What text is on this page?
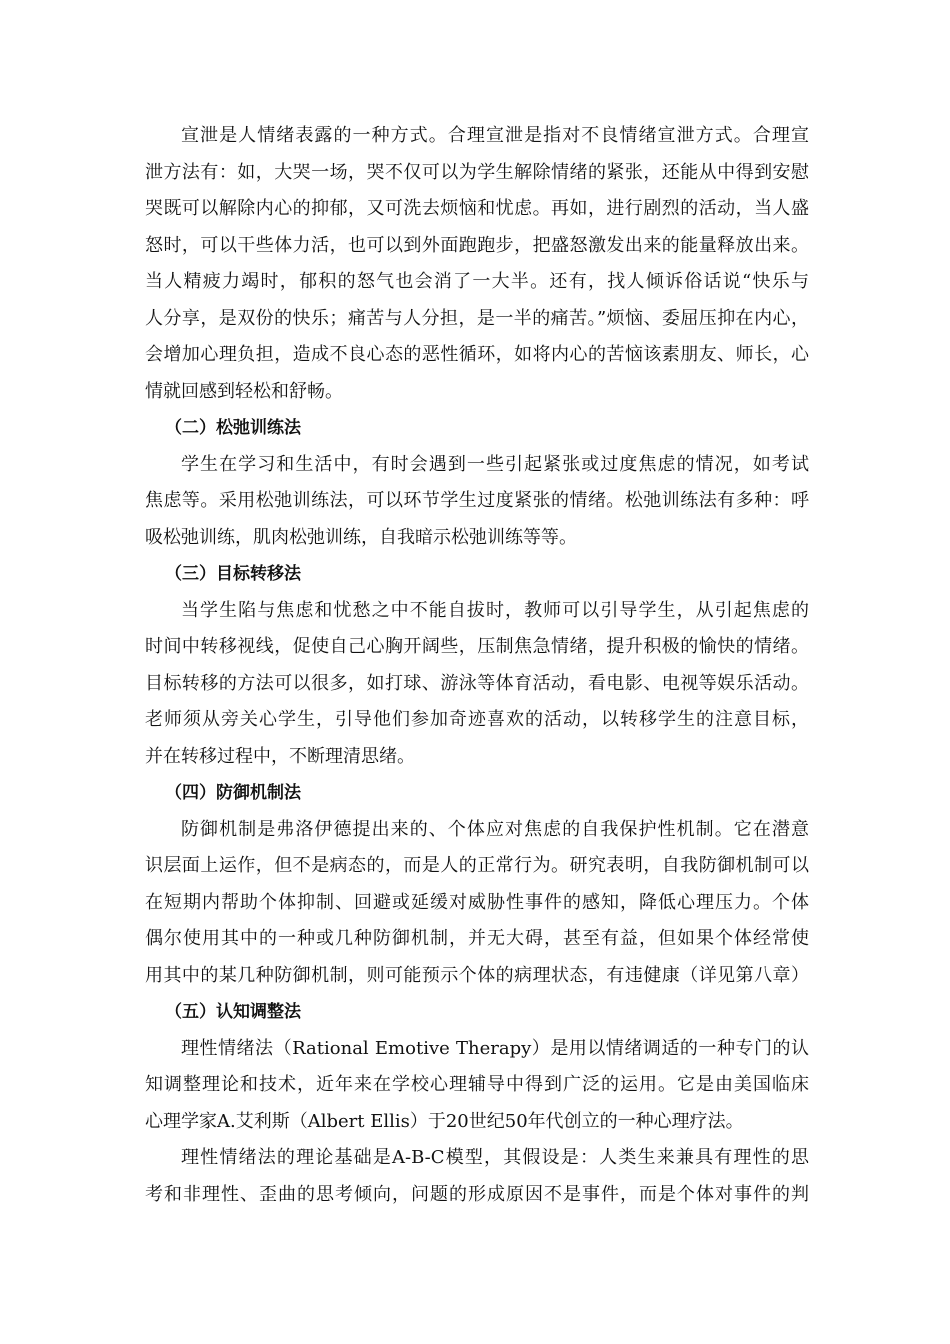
宣泄是人情绪表露的一种方式。合理宣泄是指对不良情绪宣泄方式。合理宣
泄方法有：如，大哭一场，哭不仅可以为学生解除情绪的紧张，还能从中得到安慰
哭既可以解除内心的抑郁，又可洗去烦恼和忧虑。再如，进行剧烈的活动，当人盛
怒时，可以干些体力活，也可以到外面跑跑步，把盛怒激发出来的能量释放出来。
当人精疲力竭时，郁积的怒气也会消了一大半。还有，找人倾诉俗话说“快乐与
人分享，是双份的快乐；痛苦与人分担，是一半的痛苦。”烦恼、委屈压抑在内心，
会增加心理负担，造成不良心态的恶性循环，如将内心的苦恼该素朋友、师长，心
情就回感到轻松和舒畅。
（二）松弛训练法
学生在学习和生活中，有时会遇到一些引起紧张或过度焦虑的情况，如考试
焦虑等。采用松弛训练法，可以环节学生过度紧张的情绪。松弛训练法有多种：呼
吸松弛训练，肌肉松弛训练，自我暗示松弛训练等等。
（三）目标转移法
当学生陷与焦虑和忧愁之中不能自拔时，教师可以引导学生，从引起焦虑的
时间中转移视线，促使自己心胸开阔些，压制焦急情绪，提升积极的愉快的情绪。
目标转移的方法可以很多，如打球、游泳等体育活动，看电影、电视等娱乐活动。
老师须从旁关心学生，引导他们参加奇迹喜欢的活动，以转移学生的注意目标，
并在转移过程中，不断理清思绪。
（四）防御机制法
防御机制是弗洛伊德提出来的、个体应对焦虑的自我保护性机制。它在潜意
识层面上运作，但不是病态的，而是人的正常行为。研究表明，自我防御机制可以
在短期内帮助个体抑制、回避或延缓对威胁性事件的感知，降低心理压力。个体
偶尔使用其中的一种或几种防御机制，并无大碍，甚至有益，但如果个体经常使
用其中的某几种防御机制，则可能预示个体的病理状态，有违健康（详见第八章）
（五）认知调整法
理性情绪法（Rational Emotive Therapy）是用以情绪调适的一种专门的认
知调整理论和技术，近年来在学校心理辅导中得到广泛的运用。它是由美国临床
心理学家A.艾利斯（Albert Ellis）于20世纪50年代创立的一种心理疗法。
理性情绪法的理论基础是A-B-C模型，其假设是：人类生来兼具有理性的思
考和非理性、歪曲的思考倾向，问题的形成原因不是事件，而是个体对事件的判
